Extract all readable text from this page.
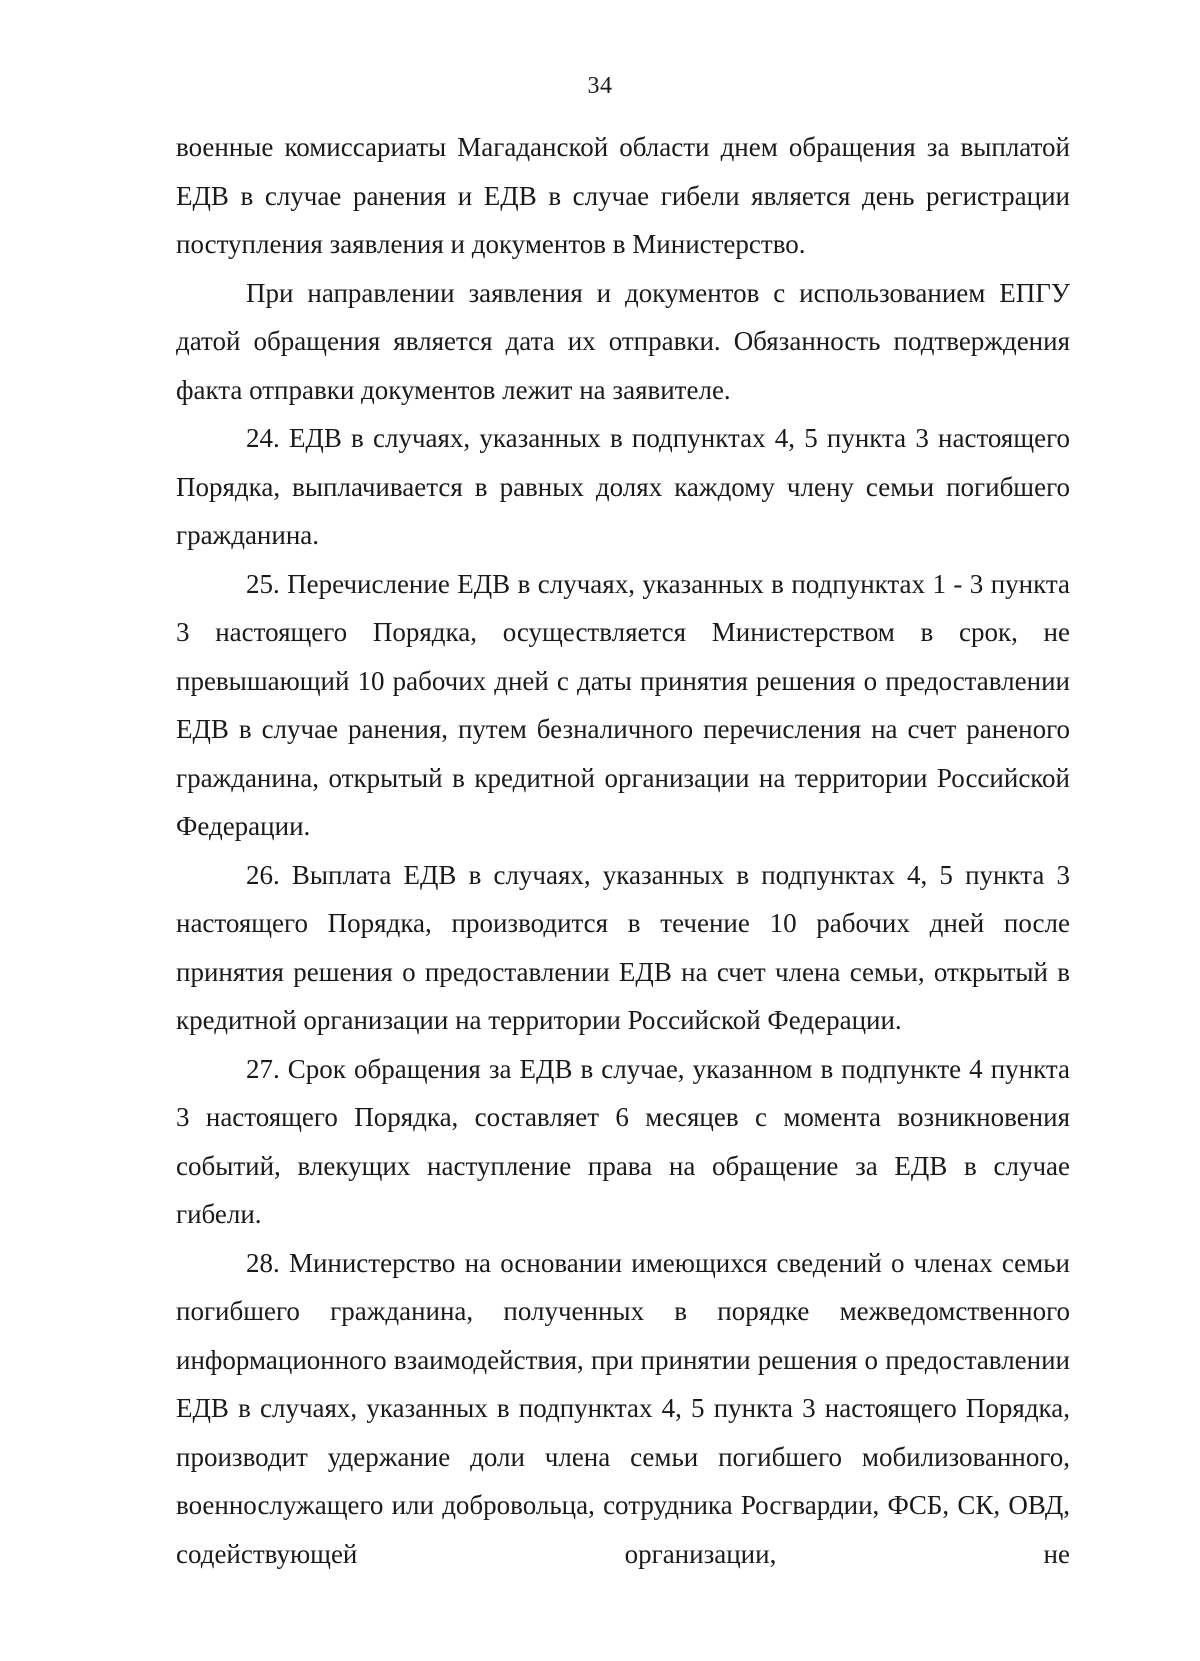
34

военные комиссариаты Магаданской области днем обращения за выплатой ЕДВ в случае ранения и ЕДВ в случае гибели является день регистрации поступления заявления и документов в Министерство.

При направлении заявления и документов с использованием ЕПГУ датой обращения является дата их отправки. Обязанность подтверждения факта отправки документов лежит на заявителе.

24. ЕДВ в случаях, указанных в подпунктах 4, 5 пункта 3 настоящего Порядка, выплачивается в равных долях каждому члену семьи погибшего гражданина.

25. Перечисление ЕДВ в случаях, указанных в подпунктах 1 - 3 пункта 3 настоящего Порядка, осуществляется Министерством в срок, не превышающий 10 рабочих дней с даты принятия решения о предоставлении ЕДВ в случае ранения, путем безналичного перечисления на счет раненого гражданина, открытый в кредитной организации на территории Российской Федерации.

26. Выплата ЕДВ в случаях, указанных в подпунктах 4, 5 пункта 3 настоящего Порядка, производится в течение 10 рабочих дней после принятия решения о предоставлении ЕДВ на счет члена семьи, открытый в кредитной организации на территории Российской Федерации.

27. Срок обращения за ЕДВ в случае, указанном в подпункте 4 пункта 3 настоящего Порядка, составляет 6 месяцев с момента возникновения событий, влекущих наступление права на обращение за ЕДВ в случае гибели.

28. Министерство на основании имеющихся сведений о членах семьи погибшего гражданина, полученных в порядке межведомственного информационного взаимодействия, при принятии решения о предоставлении ЕДВ в случаях, указанных в подпунктах 4, 5 пункта 3 настоящего Порядка, производит удержание доли члена семьи погибшего мобилизованного, военнослужащего или добровольца, сотрудника Росгвардии, ФСБ, СК, ОВД, содействующей организации, не
